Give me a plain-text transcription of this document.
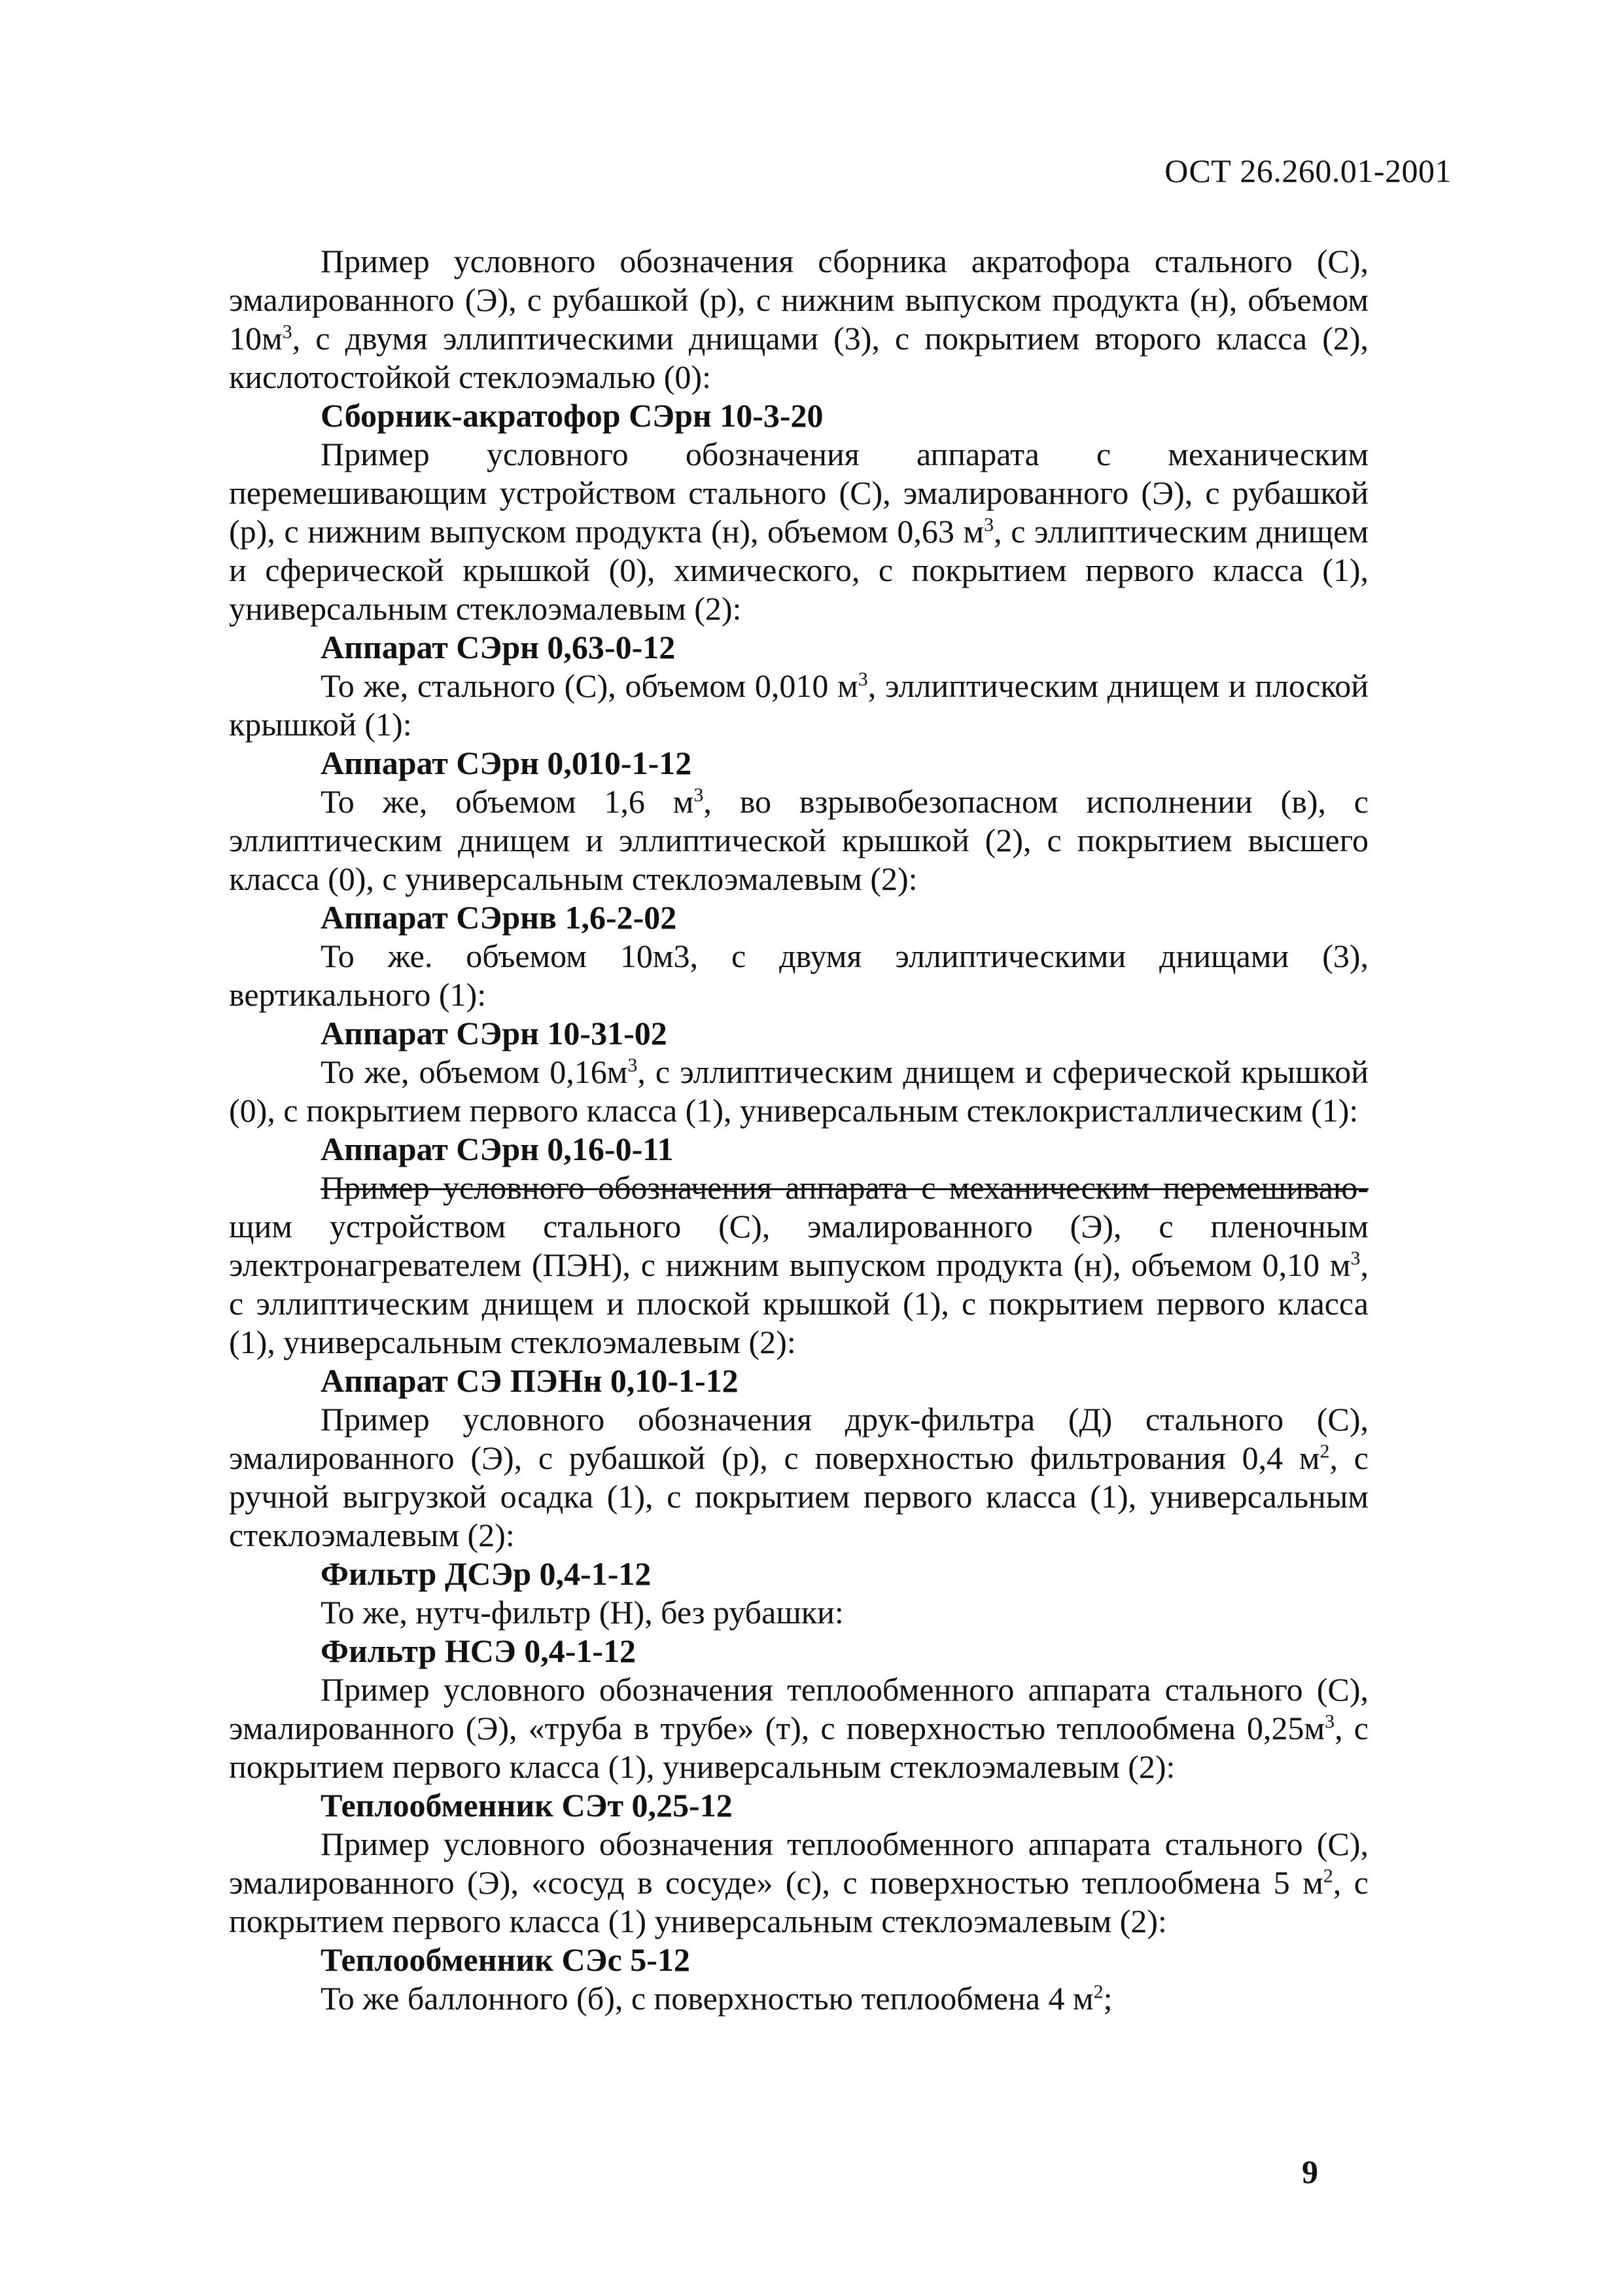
ОСТ 26.260.01-2001

Пример условного обозначения сборника акратофора стального (С), эмалированного (Э), с рубашкой (р), с нижним выпуском продукта (н), объемом $10м^3$, с двумя эллиптическими днищами (3), с покрытием второго класса (2), кислотостойкой стеклоэмалью (0):

Сборник-акратофор СЭрн 10-3-20

Пример условного обозначения аппарата с механическим перемешивающим устройством стального (С), эмалированного (Э), с рубашкой (р), с нижним выпуском продукта (н), объемом 0,63 $м^3$, с эллиптическим днищем и сферической крышкой (0), химического, с покрытием первого класса (1), универсальным стеклоэмалевым (2):

Аппарат СЭрн 0,63-0-12

То же, стального (С), объемом 0,010 $м^3$, эллиптическим днищем и плоской крышкой (1):

Аппарат СЭрн 0,010-1-12

То же, объемом 1,6 $м^3$, во взрывобезопасном исполнении (в), с эллиптическим днищем и эллиптической крышкой (2), с покрытием высшего класса (0), с универсальным стеклоэмалевым (2):

Аппарат СЭрнв 1,6-2-02

То же. объемом 10м3, с двумя эллиптическими днищами (3), вертикального (1):

Аппарат СЭрн 10-31-02

То же, объемом $0,16м^3$, с эллиптическим днищем и сферической крышкой (0), с покрытием первого класса (1), универсальным стеклокристаллическим (1):

Аппарат СЭрн 0,16-0-11

Пример условного обозначения аппарата с механическим перемешиваю- щим устройством стального (С), эмалированного (Э), с пленочным электронагревателем (ПЭН), с нижним выпуском продукта (н), объемом 0,10 $м^3$, с эллиптическим днищем и плоской крышкой (1), с покрытием первого класса (1), универсальным стеклоэмалевым (2):

Аппарат СЭ ПЭНн 0,10-1-12

Пример условного обозначения друк-фильтра (Д) стального (С), эмалированного (Э), с рубашкой (р), с поверхностью фильтрования 0,4 $м^2$, с ручной выгрузкой осадка (1), с покрытием первого класса (1), универсальным стеклоэмалевым (2):

Фильтр ДСЭр 0,4-1-12

То же, нутч-фильтр (Н), без рубашки:

Фильтр НСЭ 0,4-1-12

Пример условного обозначения теплообменного аппарата стального (С), эмалированного (Э), «труба в трубе» (т), с поверхностью теплообмена $0,25м^3$, с покрытием первого класса (1), универсальным стеклоэмалевым (2):

Теплообменник СЭт 0,25-12

Пример условного обозначения теплообменного аппарата стального (С), эмалированного (Э), «сосуд в сосуде» (с), с поверхностью теплообмена 5 $м^2$, с покрытием первого класса (1) универсальным стеклоэмалевым (2):

Теплообменник СЭс 5-12

То же баллонного (б), с поверхностью теплообмена 4 $м^2$;

9
